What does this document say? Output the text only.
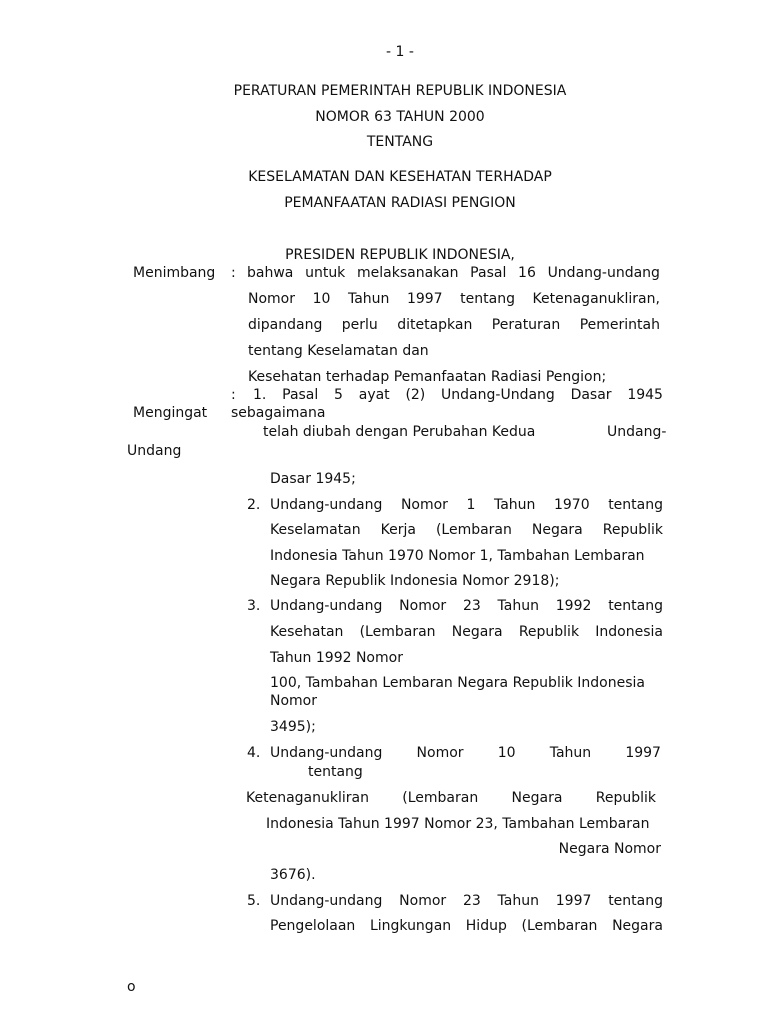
- 1 -
PERATURAN PEMERINTAH REPUBLIK INDONESIA
NOMOR 63 TAHUN 2000
TENTANG
KESELAMATAN DAN KESEHATAN TERHADAP
PEMANFAATAN RADIASI PENGION
PRESIDEN REPUBLIK INDONESIA,
Menimbang : bahwa untuk melaksanakan Pasal 16 Undang-undang
Nomor 10 Tahun 1997 tentang Ketenaganukliran,
dipandang perlu ditetapkan Peraturan Pemerintah
tentang Keselamatan dan
Kesehatan terhadap Pemanfaatan Radiasi Pengion;
: 1. Pasal 5 ayat (2) Undang-Undang Dasar 1945
Mengingat sebagaimana
telah diubah dengan Perubahan Kedua	Undang-
Undang
Dasar 1945;
2. Undang-undang Nomor 1 Tahun 1970 tentang
Keselamatan Kerja (Lembaran Negara Republik
Indonesia Tahun 1970 Nomor 1, Tambahan Lembaran
Negara Republik Indonesia Nomor 2918);
3. Undang-undang Nomor 23 Tahun 1992 tentang
Kesehatan (Lembaran Negara Republik Indonesia
Tahun 1992 Nomor
100, Tambahan Lembaran Negara Republik Indonesia
Nomor
3495);
4. Undang-undang Nomor 10 Tahun 1997
tentang
Ketenaganukliran (Lembaran Negara Republik
Indonesia Tahun 1997 Nomor 23, Tambahan Lembaran
Negara Nomor
3676).
5. Undang-undang Nomor 23 Tahun 1997 tentang
Pengelolaan Lingkungan Hidup (Lembaran Negara
o
